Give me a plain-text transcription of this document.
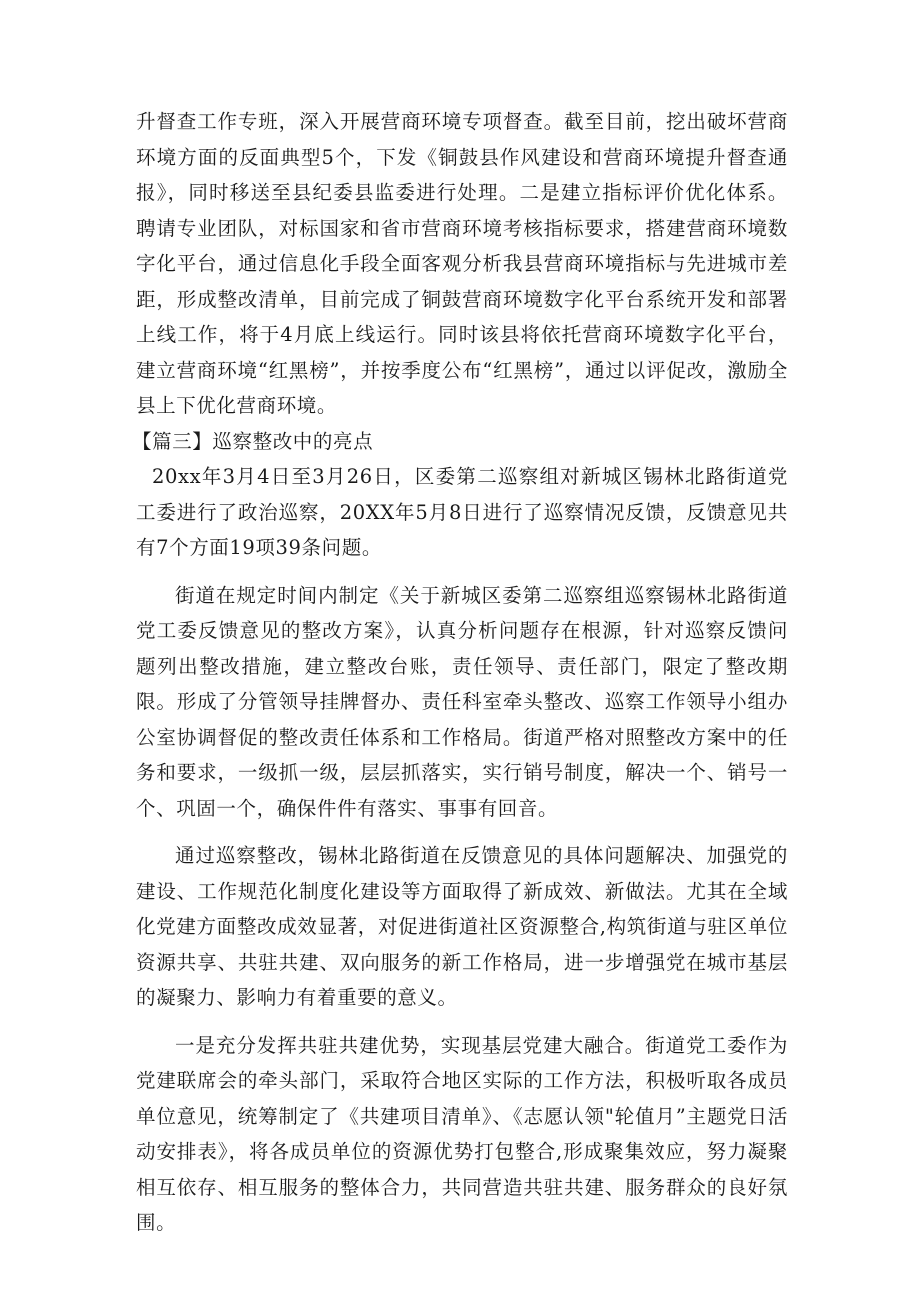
升督查工作专班，深入开展营商环境专项督查。截至目前，挖出破坏营商环境方面的反面典型5个，下发《铜鼓县作风建设和营商环境提升督查通报》，同时移送至县纪委县监委进行处理。二是建立指标评价优化体系。聘请专业团队，对标国家和省市营商环境考核指标要求，搭建营商环境数字化平台，通过信息化手段全面客观分析我县营商环境指标与先进城市差距，形成整改清单，目前完成了铜鼓营商环境数字化平台系统开发和部署上线工作，将于4月底上线运行。同时该县将依托营商环境数字化平台，建立营商环境“红黑榜”，并按季度公布“红黑榜”，通过以评促改，激励全县上下优化营商环境。

【篇三】巡察整改中的亮点

20xx年3月4日至3月26日，区委第二巡察组对新城区锡林北路街道党工委进行了政治巡察，20XX年5月8日进行了巡察情况反馈，反馈意见共有7个方面19项39条问题。

街道在规定时间内制定《关于新城区委第二巡察组巡察锡林北路街道党工委反馈意见的整改方案》，认真分析问题存在根源，针对巡察反馈问题列出整改措施，建立整改台账，责任领导、责任部门，限定了整改期限。形成了分管领导挂牌督办、责任科室牵头整改、巡察工作领导小组办公室协调督促的整改责任体系和工作格局。街道严格对照整改方案中的任务和要求，一级抓一级，层层抓落实，实行销号制度，解决一个、销号一个、巩固一个，确保件件有落实、事事有回音。

通过巡察整改，锡林北路街道在反馈意见的具体问题解决、加强党的建设、工作规范化制度化建设等方面取得了新成效、新做法。尤其在全域化党建方面整改成效显著，对促进街道社区资源整合,构筑街道与驻区单位资源共享、共驻共建、双向服务的新工作格局，进一步增强党在城市基层的凝聚力、影响力有着重要的意义。

一是充分发挥共驻共建优势，实现基层党建大融合。街道党工委作为党建联席会的牵头部门，采取符合地区实际的工作方法，积极听取各成员单位意见，统筹制定了《共建项目清单》、《志愿认领"轮值月”主题党日活动安排表》，将各成员单位的资源优势打包整合,形成聚集效应，努力凝聚相互依存、相互服务的整体合力，共同营造共驻共建、服务群众的良好氛围。
